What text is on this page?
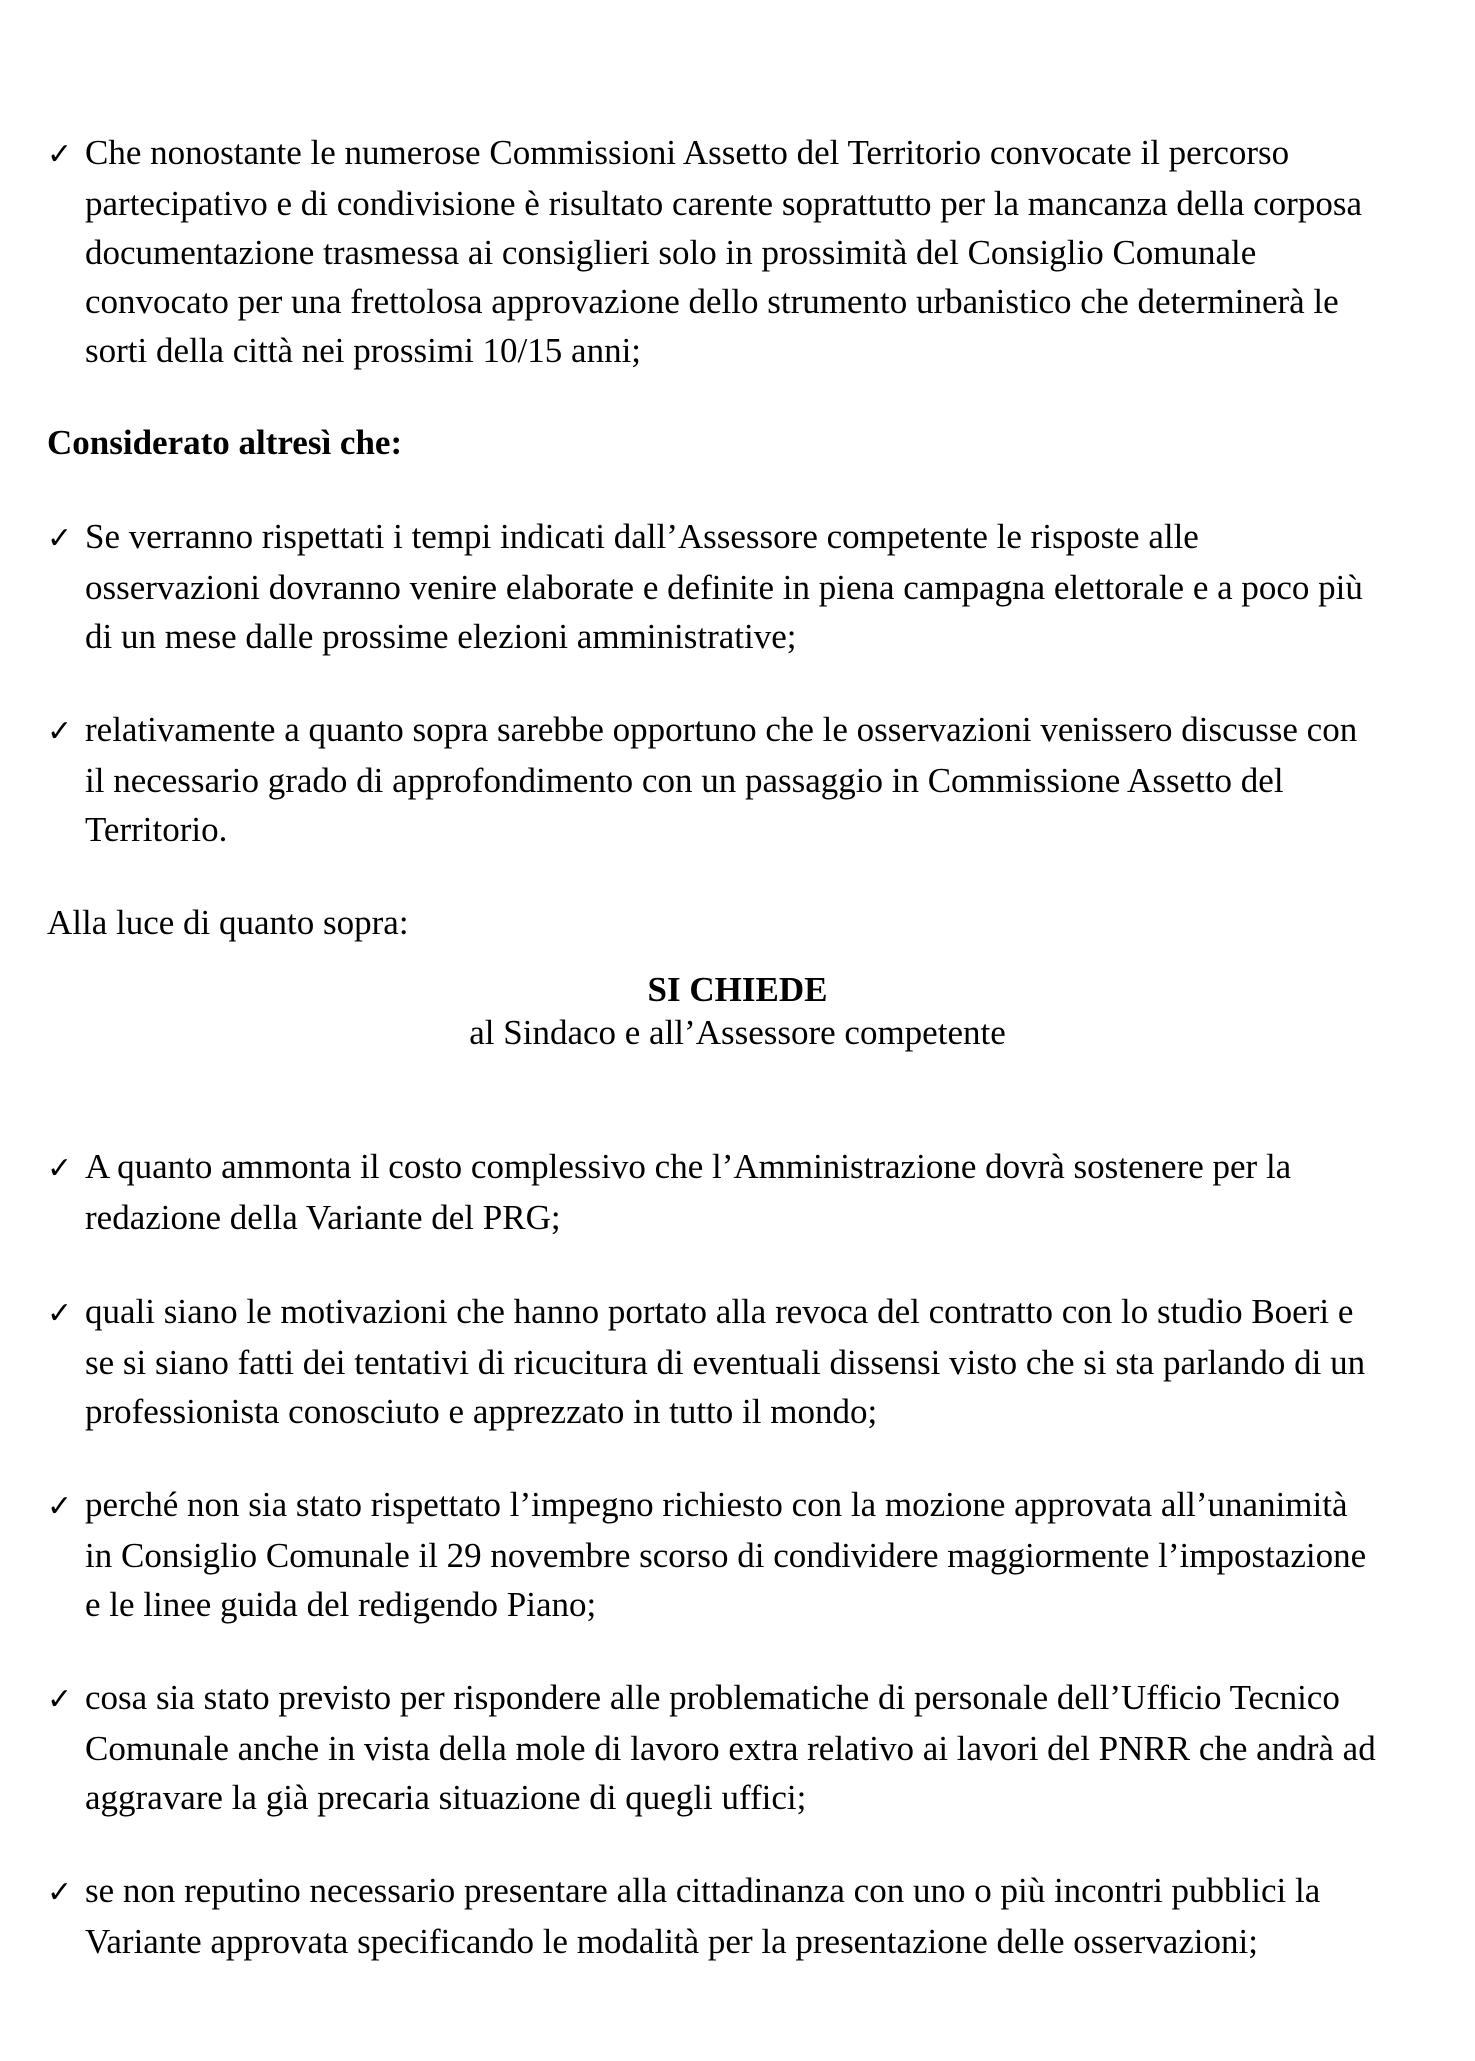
✓ Che nonostante le numerose Commissioni Assetto del Territorio convocate il percorso partecipativo e di condivisione è risultato carente soprattutto per la mancanza della corposa documentazione trasmessa ai consiglieri solo in prossimità del Consiglio Comunale convocato per una frettolosa approvazione dello strumento urbanistico che determinerà le sorti della città nei prossimi 10/15 anni;
Considerato altresì che:
✓ Se verranno rispettati i tempi indicati dall’Assessore competente le risposte alle osservazioni dovranno venire elaborate e definite in piena campagna elettorale e a poco più di un mese dalle prossime elezioni amministrative;
✓ relativamente a quanto sopra sarebbe opportuno che le osservazioni venissero discusse con il necessario grado di approfondimento con un passaggio in Commissione Assetto del Territorio.
Alla luce di quanto sopra:
SI CHIEDE
al Sindaco e all’Assessore competente
✓ A quanto ammonta il costo complessivo che l’Amministrazione dovrà sostenere per la redazione della Variante del PRG;
✓ quali siano le motivazioni che hanno portato alla revoca del contratto con lo studio Boeri e se si siano fatti dei tentativi di ricucitura di eventuali dissensi visto che si sta parlando di un professionista conosciuto e apprezzato in tutto il mondo;
✓ perché non sia stato rispettato l’impegno richiesto con la mozione approvata all’unanimità in Consiglio Comunale il 29 novembre scorso di condividere maggiormente l’impostazione e le linee guida del redigendo Piano;
✓ cosa sia stato previsto per rispondere alle problematiche di personale dell’Ufficio Tecnico Comunale anche in vista della mole di lavoro extra relativo ai lavori del PNRR che andrà ad aggravare la già precaria situazione di quegli uffici;
✓ se non reputino necessario presentare alla cittadinanza con uno o più incontri pubblici la Variante approvata specificando le modalità per la presentazione delle osservazioni;
